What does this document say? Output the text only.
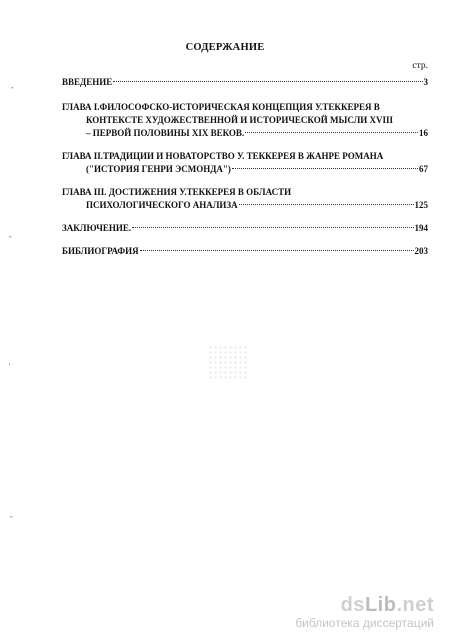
СОДЕРЖАНИЕ
стр.
ВВЕДЕНИЕ	3
ГЛАВА I.ФИЛОСОФСКО-ИСТОРИЧЕСКАЯ КОНЦЕПЦИЯ У.ТЕККЕРЕЯ В
КОНТЕКСТЕ ХУДОЖЕСТВЕННОЙ И ИСТОРИЧЕСКОЙ МЫСЛИ XVIII
– ПЕРВОЙ ПОЛОВИНЫ XIX ВЕКОВ.	16
ГЛАВА II.ТРАДИЦИИ И НОВАТОРСТВО У. ТЕККЕРЕЯ В ЖАНРЕ РОМАНА
("ИСТОРИЯ ГЕНРИ ЭСМОНДА")	67
ГЛАВА III. ДОСТИЖЕНИЯ У.ТЕККЕРЕЯ В ОБЛАСТИ
ПСИХОЛОГИЧЕСКОГО АНАЛИЗА	125
ЗАКЛЮЧЕНИЕ.	194
БИБЛИОГРАФИЯ	203
ˆ
ˆ
'
ˆ
dsLib.net
библиотека диссертаций
